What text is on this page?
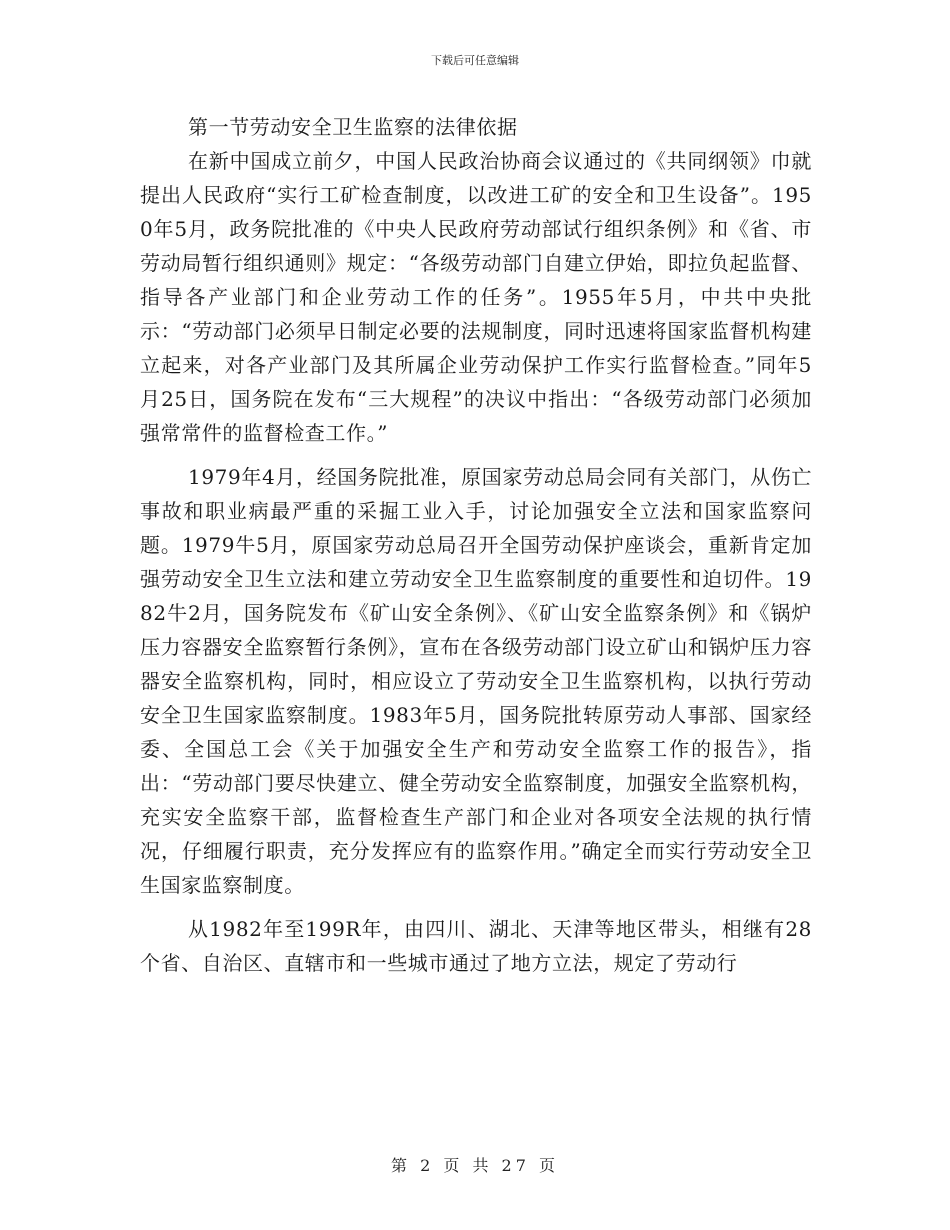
下载后可任意编辑
第一节劳动安全卫生监察的法律依据

在新中国成立前夕，中国人民政治协商会议通过的《共同纲领》巾就提出人民政府“实行工矿检查制度，以改进工矿的安全和卫生设备”。1950年5月，政务院批准的《中央人民政府劳动部试行组织条例》和《省、市劳动局暂行组织通则》规定：“各级劳动部门自建立伊始，即拉负起监督、指导各产业部门和企业劳动工作的任务”。1955年5月，中共中央批示：“劳动部门必须早日制定必要的法规制度，同时迅速将国家监督机构建立起来，对各产业部门及其所属企业劳动保护工作实行监督检查。”同年5月25日，国务院在发布“三大规程”的决议中指出：“各级劳动部门必须加强常常件的监督检查工作。”

1979年4月，经国务院批准，原国家劳动总局会同有关部门，从伤亡事故和职业病最严重的采掘工业入手，讨论加强安全立法和国家监察问题。1979牛5月，原国家劳动总局召开全国劳动保护座谈会，重新肯定加强劳动安全卫生立法和建立劳动安全卫生监察制度的重要性和迫切件。1982牛2月，国务院发布《矿山安全条例》、《矿山安全监察条例》和《锅炉压力容器安全监察暂行条例》，宣布在各级劳动部门设立矿山和锅炉压力容器安全监察机构，同时，相应设立了劳动安全卫生监察机构，以执行劳动安全卫生国家监察制度。1983年5月，国务院批转原劳动人事部、国家经委、全国总工会《关于加强安全生产和劳动安全监察工作的报告》，指出：“劳动部门要尽快建立、健全劳动安全监察制度，加强安全监察机构，充实安全监察干部，监督检查生产部门和企业对各项安全法规的执行情况，仔细履行职责，充分发挥应有的监察作用。”确定全而实行劳动安全卫生国家监察制度。

从1982年至199R年，由四川、湖北、天津等地区带头，相继有28个省、自治区、直辖市和一些城市通过了地方立法，规定了劳动行

第 2 页 共 27 页
